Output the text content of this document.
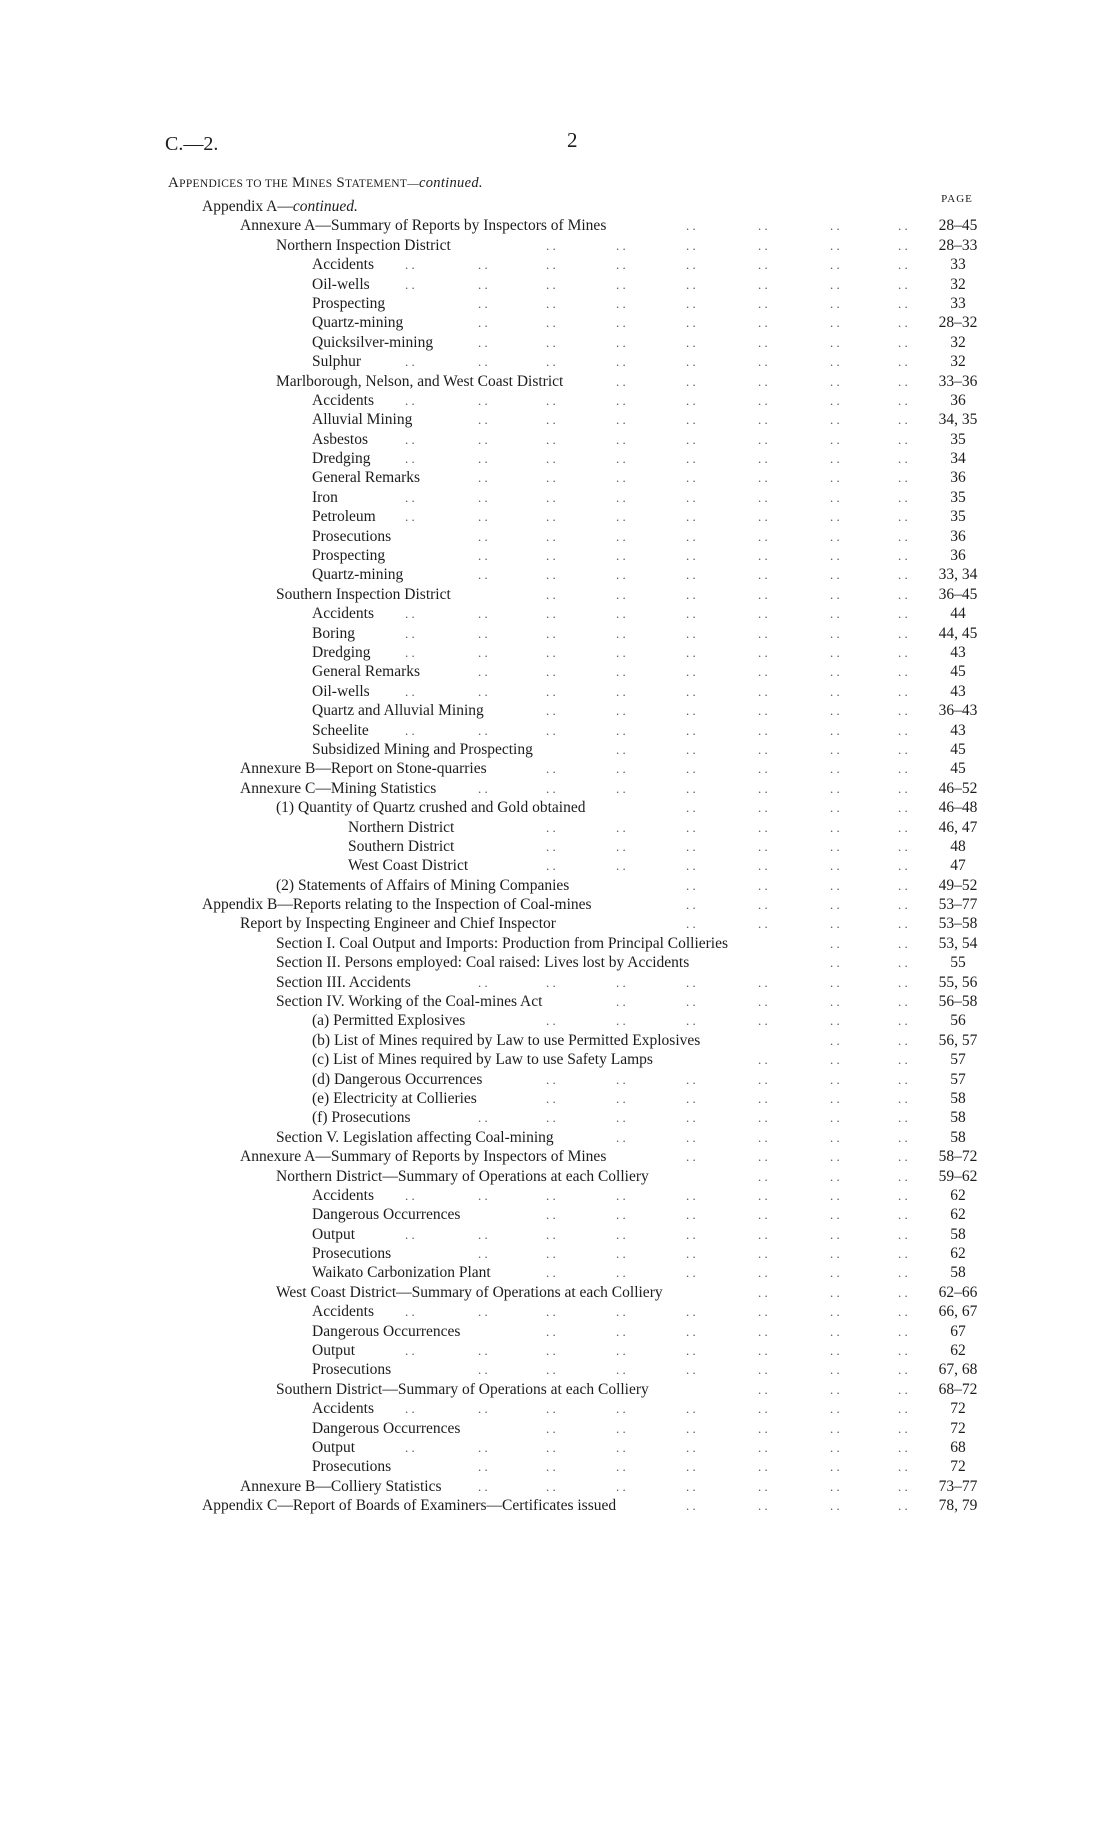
C.—2.	2
APPENDICES TO THE MINES STATEMENT—continued.
PAGE
Appendix A—continued.
Annexure A—Summary of Reports by Inspectors of Mines	. .	. .	. .	. .	28–45
Northern Inspection District	. .	. .	. .	. .	. .	. .	28–33
Accidents . .	. .	. .	. .	. .	. .	. .	. .	33
Oil-wells	. .	. .	. .	. .	. .	. .	. .	. .	32
Prospecting	. .	. .	. .	. .	. .	. .	. .	33
Quartz-mining	. .	. .	. .	. .	. .	. .	. .	28–32
Quicksilver-mining	. .	. .	. .	. .	. .	. .	. .	32
Sulphur	. .	. .	. .	. .	. .	. .	. .	. .	32
Marlborough, Nelson, and West Coast District	. .	. .	. .	. .	. .	33–36
Accidents . .	. .	. .	. .	. .	. .	. .	. .	36
Alluvial Mining	. .	. .	. .	. .	. .	. .	. .	34, 35
Asbestos	. .	. .	. .	. .	. .	. .	. .	. .	35
Dredging	. .	. .	. .	. .	. .	. .	. .	. .	34
General Remarks	. .	. .	. .	. .	. .	. .	. .	36
Iron	. .	. .	. .	. .	. .	. .	. .	. .	35
Petroleum . .	. .	. .	. .	. .	. .	. .	. .	35
Prosecutions	. .	. .	. .	. .	. .	. .	. .	36
Prospecting	. .	. .	. .	. .	. .	. .	. .	36
Quartz-mining	. .	. .	. .	. .	. .	. .	. .	33, 34
Southern Inspection District	. .	. .	. .	. .	. .	. .	36–45
Accidents . .	. .	. .	. .	. .	. .	. .	. .	44
Boring	. .	. .	. .	. .	. .	. .	. .	. .	44, 45
Dredging	. .	. .	. .	. .	. .	. .	. .	. .	43
General Remarks	. .	. .	. .	. .	. .	. .	. .	45
Oil-wells	. .	. .	. .	. .	. .	. .	. .	. .	43
Quartz and Alluvial Mining	. .	. .	. .	. .	. .	. .	36–43
Scheelite	. .	. .	. .	. .	. .	. .	. .	. .	43
Subsidized Mining and Prospecting	. .	. .	. .	. .	. .	45
Annexure B—Report on Stone-quarries	. .	. .	. .	. .	. .	. .	45
Annexure C—Mining Statistics	. .	. .	. .	. .	. .	. .	. .	46–52
(1) Quantity of Quartz crushed and Gold obtained	. .	. .	. .	. .	46–48
Northern District	. .	. .	. .	. .	. .	. .	46, 47
Southern District	. .	. .	. .	. .	. .	. .	48
West Coast District	. .	. .	. .	. .	. .	. .	47
(2) Statements of Affairs of Mining Companies	. .	. .	. .	. .	49–52
Appendix B—Reports relating to the Inspection of Coal-mines	. .	. .	. .	. .	53–77
Report by Inspecting Engineer and Chief Inspector	. .	. .	. .	. .	53–58
Section I. Coal Output and Imports: Production from Principal Collieries	. .	. .	53, 54
Section II. Persons employed: Coal raised: Lives lost by Accidents	. .	. .	55
Section III. Accidents	. .	. .	. .	. .	. .	. .	. .	55, 56
Section IV. Working of the Coal-mines Act	. .	. .	. .	. .	. .	56–58
(a) Permitted Explosives	. .	. .	. .	. .	. .	. .	56
(b) List of Mines required by Law to use Permitted Explosives	. .	. .	56, 57
(c) List of Mines required by Law to use Safety Lamps	. .	. .	. .	57
(d) Dangerous Occurrences	. .	. .	. .	. .	. .	. .	57
(e) Electricity at Collieries	. .	. .	. .	. .	. .	. .	58
(f) Prosecutions	. .	. .	. .	. .	. .	. .	. .	58
Section V. Legislation affecting Coal-mining	. .	. .	. .	. .	. .	58
Annexure A—Summary of Reports by Inspectors of Mines	. .	. .	. .	. .	58–72
Northern District—Summary of Operations at each Colliery	. .	. .	. .	59–62
Accidents . .	. .	. .	. .	. .	. .	. .	. .	62
Dangerous Occurrences	. .	. .	. .	. .	. .	. .	62
Output	. .	. .	. .	. .	. .	. .	. .	. .	58
Prosecutions	. .	. .	. .	. .	. .	. .	. .	62
Waikato Carbonization Plant	. .	. .	. .	. .	. .	. .	58
West Coast District—Summary of Operations at each Colliery	. .	. .	. .	62–66
Accidents . .	. .	. .	. .	. .	. .	. .	. .	66, 67
Dangerous Occurrences	. .	. .	. .	. .	. .	. .	67
Output	. .	. .	. .	. .	. .	. .	. .	. .	62
Prosecutions	. .	. .	. .	. .	. .	. .	. .	67, 68
Southern District—Summary of Operations at each Colliery	. .	. .	. .	68–72
Accidents . .	. .	. .	. .	. .	. .	. .	. .	72
Dangerous Occurrences	. .	. .	. .	. .	. .	. .	72
Output	. .	. .	. .	. .	. .	. .	. .	. .	68
Prosecutions	. .	. .	. .	. .	. .	. .	. .	72
Annexure B—Colliery Statistics	. .	. .	. .	. .	. .	. .	. .	73–77
Appendix C—Report of Boards of Examiners—Certificates issued	. .	. .	. .	. .	78, 79
